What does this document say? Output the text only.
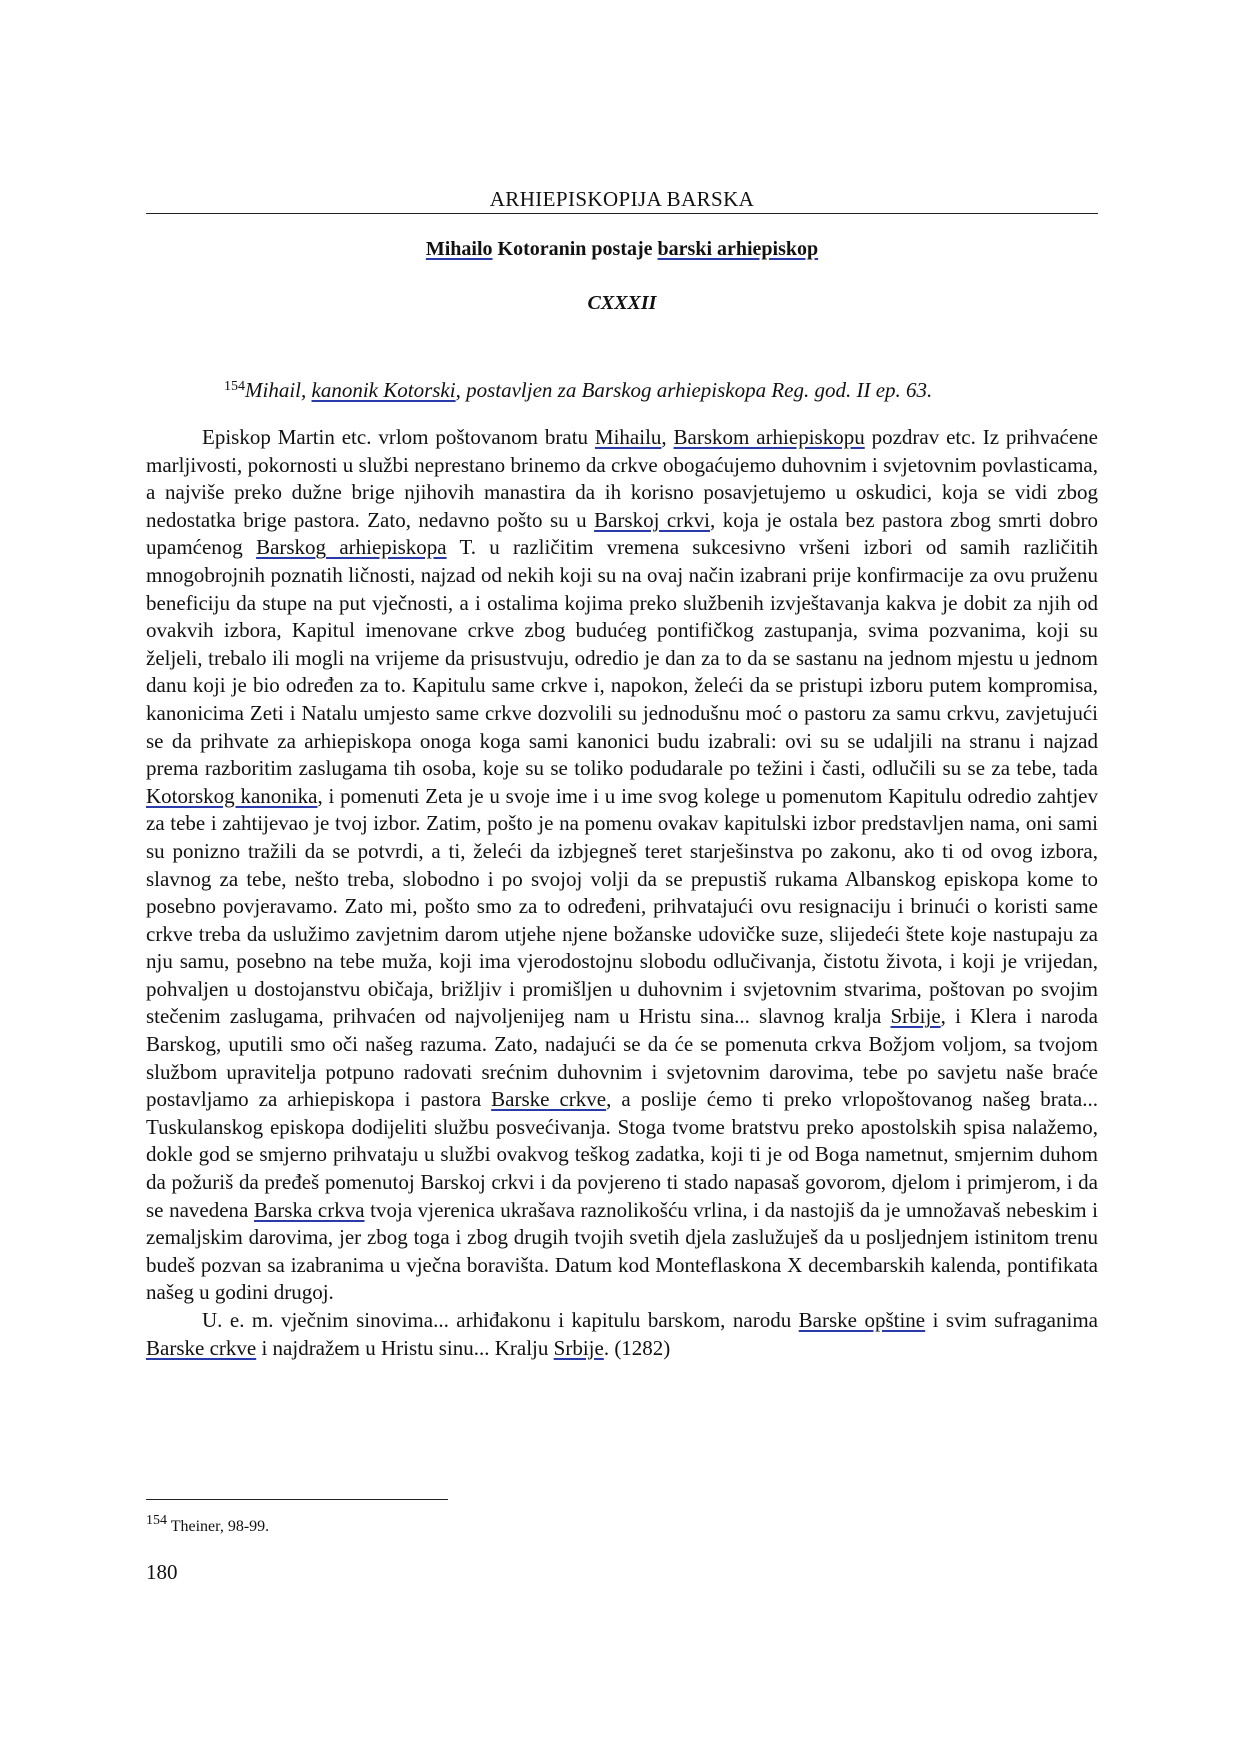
ARHIEPISKOPIJA BARSKA
Mihailo Kotoranin postaje barski arhiepiskop
CXXXII
$^{154}$Mihail, kanonik Kotorski, postavljen za Barskog arhiepiskopa Reg. god. II ep. 63.

Episkop Martin etc. vrlom poštovanom bratu Mihailu, Barskom arhiepiskopu pozdrav etc. Iz prihvaćene marljivosti, pokornosti u službi neprestano brinemo da crkve obogaćujemo duhovnim i svjetovnim povlasticama, a najviše preko dužne brige njihovih manastira da ih korisno posavjetujemo u oskudici, koja se vidi zbog nedostatka brige pastora. Zato, nedavno pošto su u Barskoj crkvi, koja je ostala bez pastora zbog smrti dobro upamćenog Barskog arhiepiskopa T. u različitim vremena sukcesivno vršeni izbori od samih različitih mnogobrojnih poznatih ličnosti, najzad od nekih koji su na ovaj način izabrani prije konfirmacije za ovu pruženu beneficiju da stupe na put vječnosti, a i ostalima kojima preko službenih izvještavanja kakva je dobit za njih od ovakvih izbora, Kapitul imenovane crkve zbog budućeg pontifičkog zastupanja, svima pozvanima, koji su željeli, trebalo ili mogli na vrijeme da prisustvuju, odredio je dan za to da se sastanu na jednom mjestu u jednom danu koji je bio određen za to. Kapitulu same crkve i, napokon, želeći da se pristupi izboru putem kompromisa, kanonicima Zeti i Natalu umjesto same crkve dozvolili su jednodušnu moć o pastoru za samu crkvu, zavjetujući se da prihvate za arhiepiskopa onoga koga sami kanonici budu izabrali: ovi su se udaljili na stranu i najzad prema razboritim zaslugama tih osoba, koje su se toliko podudarale po težini i časti, odlučili su se za tebe, tada Kotorskog kanonika, i pomenuti Zeta je u svoje ime i u ime svog kolege u pomenutom Kapitulu odredio zahtjev za tebe i zahtijevao je tvoj izbor. Zatim, pošto je na pomenu ovakav kapitulski izbor predstavljen nama, oni sami su ponizno tražili da se potvrdi, a ti, želeći da izbjegneš teret starješinstva po zakonu, ako ti od ovog izbora, slavnog za tebe, nešto treba, slobodno i po svojoj volji da se prepustiš rukama Albanskog episkopa kome to posebno povjeravamo. Zato mi, pošto smo za to određeni, prihvatajući ovu resignaciju i brinući o koristi same crkve treba da uslužimo zavjetnim darom utjehe njene božanske udovičke suze, slijedeći štete koje nastupaju za nju samu, posebno na tebe muža, koji ima vjerodostojnu slobodu odlučivanja, čistotu života, i koji je vrijedan, pohvaljen u dostojanstvu običaja, brižljiv i promišljen u duhovnim i svjetovnim stvarima, poštovan po svojim stečenim zaslugama, prihvaćen od najvoljenijeg nam u Hristu sina... slavnog kralja Srbije, i Klera i naroda Barskog, uputili smo oči našeg razuma. Zato, nadajući se da će se pomenuta crkva Božjom voljom, sa tvojom službom upravitelja potpuno radovati srećnim duhovnim i svjetovnim darovima, tebe po savjetu naše braće postavljamo za arhiepiskopa i pastora Barske crkve, a poslije ćemo ti preko vrlopoštovanog našeg brata... Tuskulanskog episkopa dodijeliti službu posvećivanja. Stoga tvome bratstvu preko apostolskih spisa nalažemo, dokle god se smjerno prihvataju u službi ovakvog teškog zadatka, koji ti je od Boga nametnut, smjernim duhom da požuriš da pređeš pomenutoj Barskoj crkvi i da povjereno ti stado napasaš govorom, djelom i primjerom, i da se navedena Barska crkva tvoja vjerenica ukrašava raznolikošću vrlina, i da nastojiš da je umnožavaš nebeskim i zemaljskim darovima, jer zbog toga i zbog drugih tvojih svetih djela zaslužuješ da u posljednjem istinitom trenu budeš pozvan sa izabranima u vječna boravišta. Datum kod Monteflaskona X decembarskih kalenda, pontifikata našeg u godini drugoj.

U. e. m. vječnim sinovima... arhiđakonu i kapitulu barskom, narodu Barske opštine i svim sufraganima Barske crkve i najdražem u Hristu sinu... Kralju Srbije. (1282)

$^{154}$ Theiner, 98-99.
180
